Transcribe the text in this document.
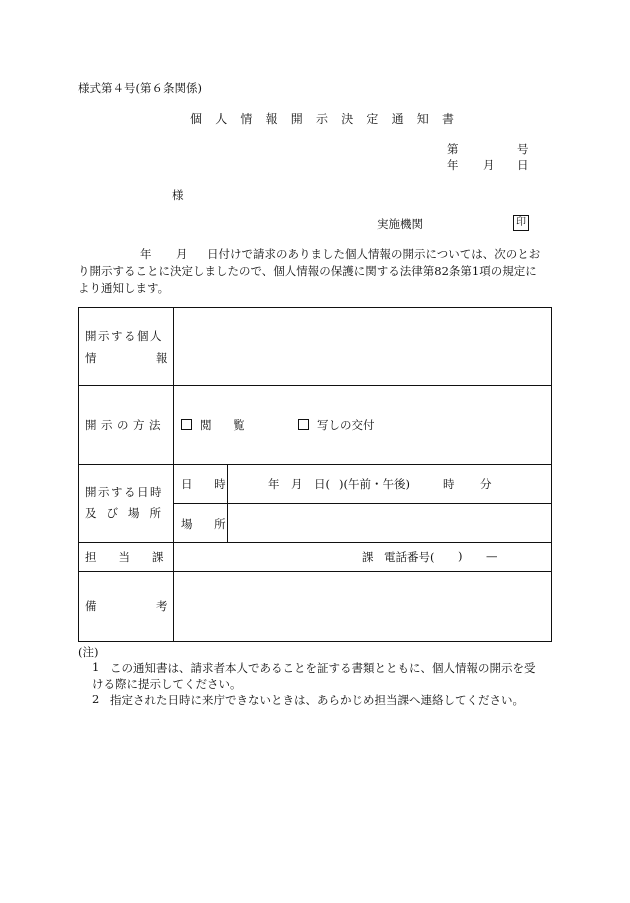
様式第４号(第６条関係)
個人情報開示決定通知書
第	号
年 月 日
様
実施機関	印
年 月 日付けで請求のありました個人情報の開示については、次のとお
り開示することに決定しましたので、個人情報の保護に関する法律第82条第1項の規定に
より通知します。
開示する個人
情	報
開示の方法	閲 覧	写しの交付
開示する日時
及び場所
日 時	年 月 日( )(午前・午後)	時 分
場 所
担当課	課 電話番号( ) —
備	考
(注)
1 この通知書は、請求者本人であることを証する書類とともに、個人情報の開示を受
ける際に提示してください。
2 指定された日時に来庁できないときは、あらかじめ担当課へ連絡してください。
